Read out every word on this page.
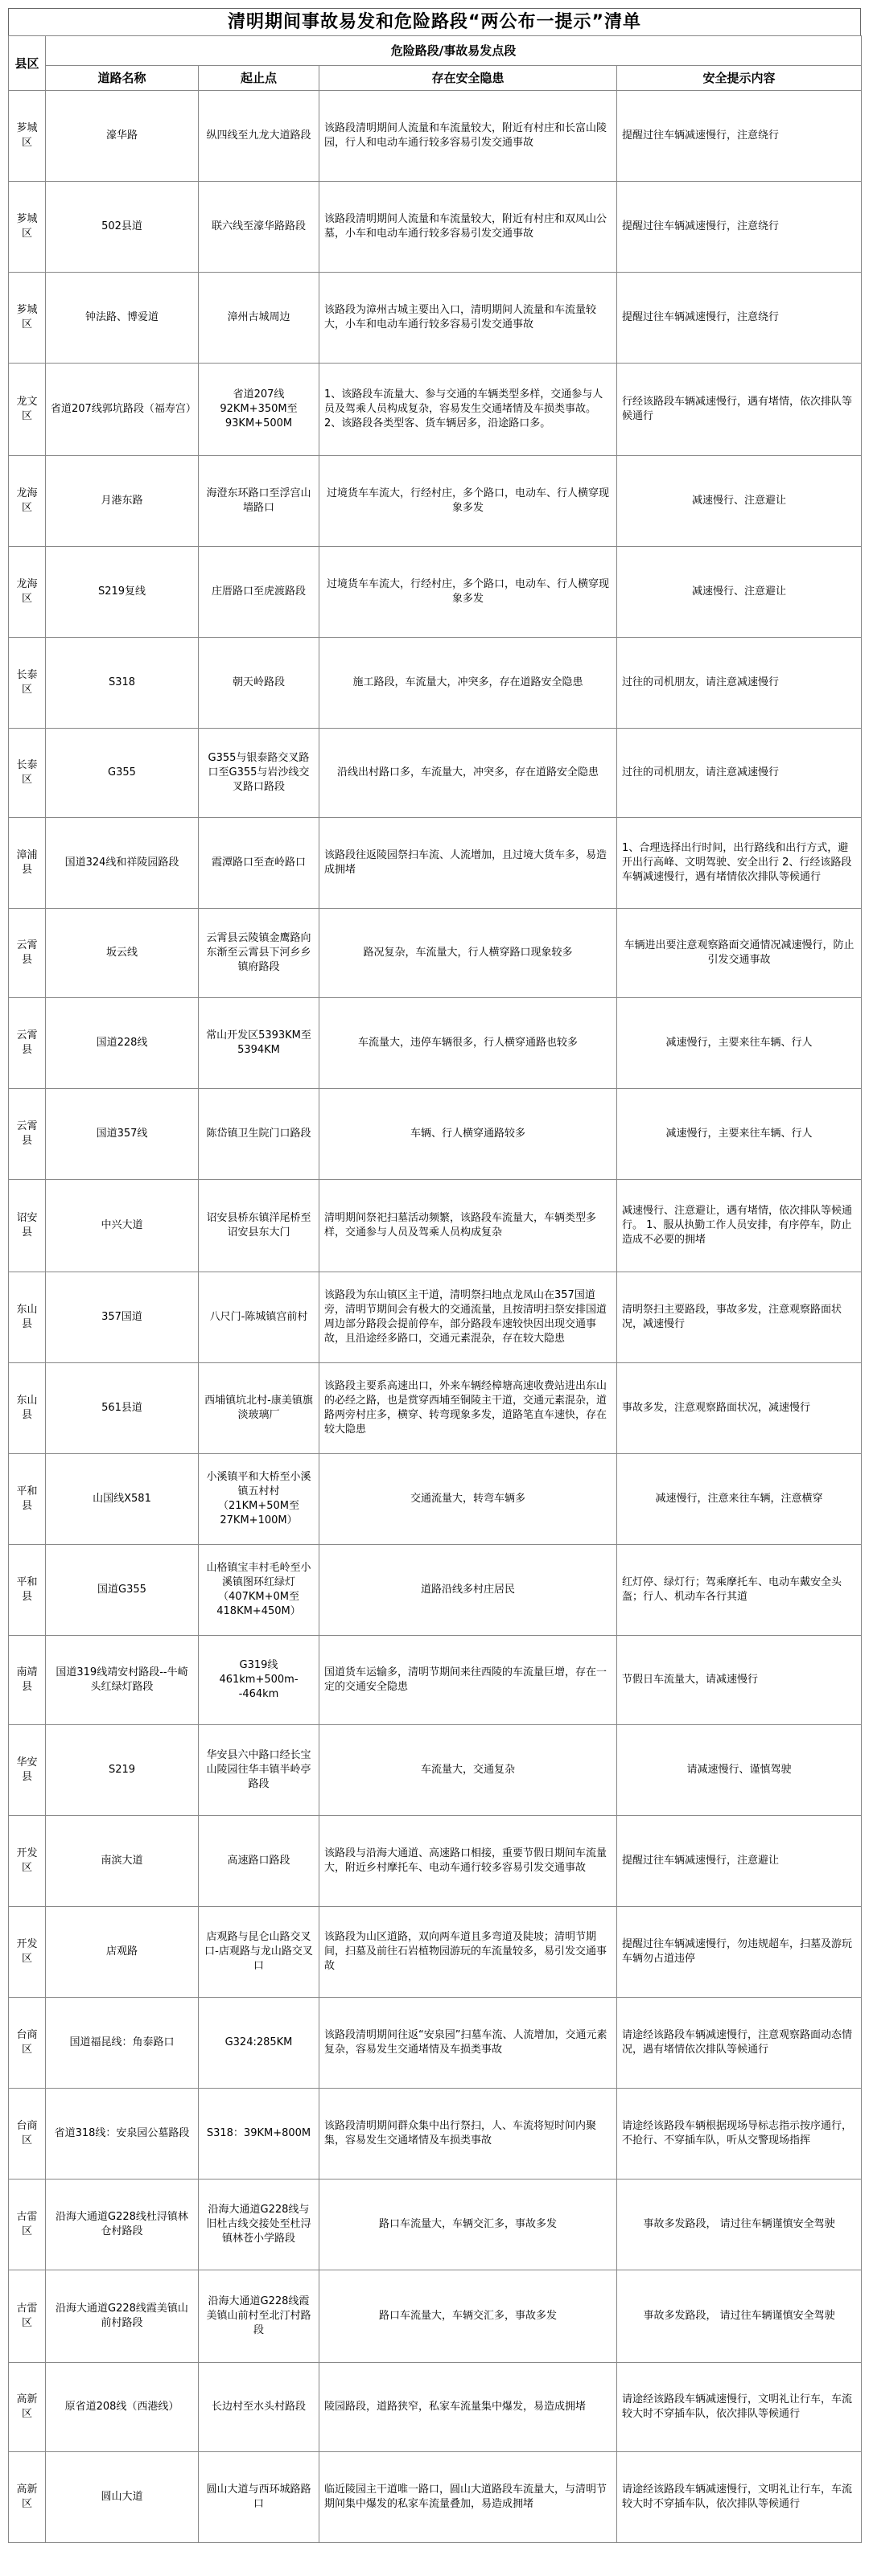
清明期间事故易发和危险路段“两公布一提示”清单
县区	危险路段/事故易发点段			
	道路名称	起止点	存在安全隐患	安全提示内容
芗城区	濠华路	纵四线至九龙大道路段	该路段清明期间人流量和车流量较大，附近有村庄和长富山陵园，行人和电动车通行较多容易引发交通事故	提醒过往车辆减速慢行，注意绕行
芗城区	502县道	联六线至濠华路路段	该路段清明期间人流量和车流量较大，附近有村庄和双凤山公墓，小车和电动车通行较多容易引发交通事故	提醒过往车辆减速慢行，注意绕行
芗城区	钟法路、博爱道	漳州古城周边	该路段为漳州古城主要出入口，清明期间人流量和车流量较大，小车和电动车通行较多容易引发交通事故	提醒过往车辆减速慢行，注意绕行
龙文区	省道207线郭坑路段（福寿宫）	省道207线 92KM+350M至 93KM+500M	1、该路段车流量大、参与交通的车辆类型多样，交通参与人员及驾乘人员构成复杂，容易发生交通堵情及车损类事故。 2、该路段各类型客、货车辆居多，沿途路口多。	行经该路段车辆减速慢行，遇有堵情，依次排队等候通行
龙海区	月港东路	海澄东环路口至浮宫山墙路口	过境货车车流大，行经村庄，多个路口，电动车、行人横穿现象多发	减速慢行、注意避让
龙海区	S219复线	庄厝路口至虎渡路段	过境货车车流大，行经村庄，多个路口，电动车、行人横穿现象多发	减速慢行、注意避让
长泰区	S318	朝天岭路段	施工路段，车流量大，冲突多，存在道路安全隐患	过往的司机朋友，请注意减速慢行
长泰区	G355	G355与银泰路交叉路口至G355与岩沙线交叉路口路段	沿线出村路口多，车流量大，冲突多，存在道路安全隐患	过往的司机朋友，请注意减速慢行
漳浦县	国道324线和祥陵园路段	霞潭路口至查岭路口	该路段往返陵园祭扫车流、人流增加，且过境大货车多，易造成拥堵	1、合理选择出行时间，出行路线和出行方式，避开出行高峰、文明驾驶、安全出行 2、行经该路段车辆减速慢行，遇有堵情依次排队等候通行
云霄县	坂云线	云霄县云陵镇金鹰路向东渐至云霄县下河乡乡镇府路段	路况复杂，车流量大，行人横穿路口现象较多	车辆进出要注意观察路面交通情况减速慢行，防止引发交通事故
云霄县	国道228线	常山开发区5393KM至5394KM	车流量大，违停车辆很多，行人横穿通路也较多	减速慢行，主要来往车辆、行人
云霄县	国道357线	陈岱镇卫生院门口路段	车辆、行人横穿通路较多	减速慢行，主要来往车辆、行人
诏安县	中兴大道	诏安县桥东镇洋尾桥至诏安县东大门	清明期间祭祀扫墓活动频繁，该路段车流量大，车辆类型多样，交通参与人员及驾乘人员构成复杂	减速慢行、注意避让，遇有堵情，依次排队等候通行。 1、服从执勤工作人员安排，有序停车，防止造成不必要的拥堵
东山县	357国道	八尺门-陈城镇宫前村	该路段为东山镇区主干道，清明祭扫地点龙凤山在357国道旁，清明节期间会有极大的交通流量，且按清明扫祭安排国道周边部分路段会提前停车，部分路段车速较快因出现交通事故，且沿途经多路口，交通元素混杂，存在较大隐患	清明祭扫主要路段，事故多发，注意观察路面状况，减速慢行
东山县	561县道	西埔镇坑北村-康美镇旗淡玻璃厂	该路段主要系高速出口，外来车辆经樟塘高速收费站进出东山的必经之路，也是赏穿西埔至铜陵主干道，交通元素混杂，道路两旁村庄多，横穿、转弯现象多发，道路笔直车速快，存在较大隐患	事故多发，注意观察路面状况，减速慢行
平和县	山国线X581	小溪镇平和大桥至小溪镇五村村 （21KM+50M至 27KM+100M）	交通流量大，转弯车辆多	减速慢行，注意来往车辆，注意横穿
平和县	国道G355	山格镇宝丰村毛岭至小溪镇图环红绿灯 （407KM+0M至 418KM+450M）	道路沿线多村庄居民	红灯停、绿灯行；驾乘摩托车、电动车戴安全头盔；行人、机动车各行其道
南靖县	国道319线靖安村路段--牛崎头红绿灯路段	G319线 461km+500m--464km	国道货车运输多，清明节期间来往西陵的车流量巨增，存在一定的交通安全隐患	节假日车流量大，请减速慢行
华安县	S219	华安县六中路口经长宝山陵园往华丰镇半岭亭路段	车流量大，交通复杂	请减速慢行、谨慎驾驶
开发区	南滨大道	高速路口路段	该路段与沿海大通道、高速路口相接，重要节假日期间车流量大，附近乡村摩托车、电动车通行较多容易引发交通事故	提醒过往车辆减速慢行，注意避让
开发区	店观路	店观路与昆仑山路交叉口-店观路与龙山路交叉口	该路段为山区道路，双向两车道且多弯道及陡坡；清明节期间，扫墓及前往石岩植物园游玩的车流量较多，易引发交通事故	提醒过往车辆减速慢行，勿违规超车，扫墓及游玩车辆勿占道违停
台商区	国道福昆线：角泰路口	G324:285KM	该路段清明期间往返“安泉园”扫墓车流、人流增加，交通元素复杂，容易发生交通堵情及车损类事故	请途经该路段车辆减速慢行，注意观察路面动态情况，遇有堵情依次排队等候通行
台商区	省道318线：安泉园公墓路段	S318：39KM+800M	该路段清明期间群众集中出行祭扫，人、车流将短时间内聚集，容易发生交通堵情及车损类事故	请途经该路段车辆根据现场导标志指示按序通行，不抢行、不穿插车队，听从交警现场指挥
古雷区	沿海大通道G228线杜浔镇林仓村路段	沿海大通道G228线与旧杜古线交接处至杜浔镇林苍小学路段	路口车流量大，车辆交汇多，事故多发	事故多发路段， 请过往车辆谨慎安全驾驶
古雷区	沿海大通道G228线霞美镇山前村路段	沿海大通道G228线霞美镇山前村至北汀村路段	路口车流量大，车辆交汇多，事故多发	事故多发路段， 请过往车辆谨慎安全驾驶
高新区	原省道208线（西港线）	长边村至水头村路段	陵园路段，道路狭窄，私家车流量集中爆发，易造成拥堵	请途经该路段车辆减速慢行，文明礼让行车，车流较大时不穿插车队，依次排队等候通行
高新区	圆山大道	圆山大道与西环城路路口	临近陵园主干道唯一路口，圆山大道路段车流量大，与清明节期间集中爆发的私家车流量叠加，易造成拥堵	请途经该路段车辆减速慢行，文明礼让行车，车流较大时不穿插车队，依次排队等候通行
